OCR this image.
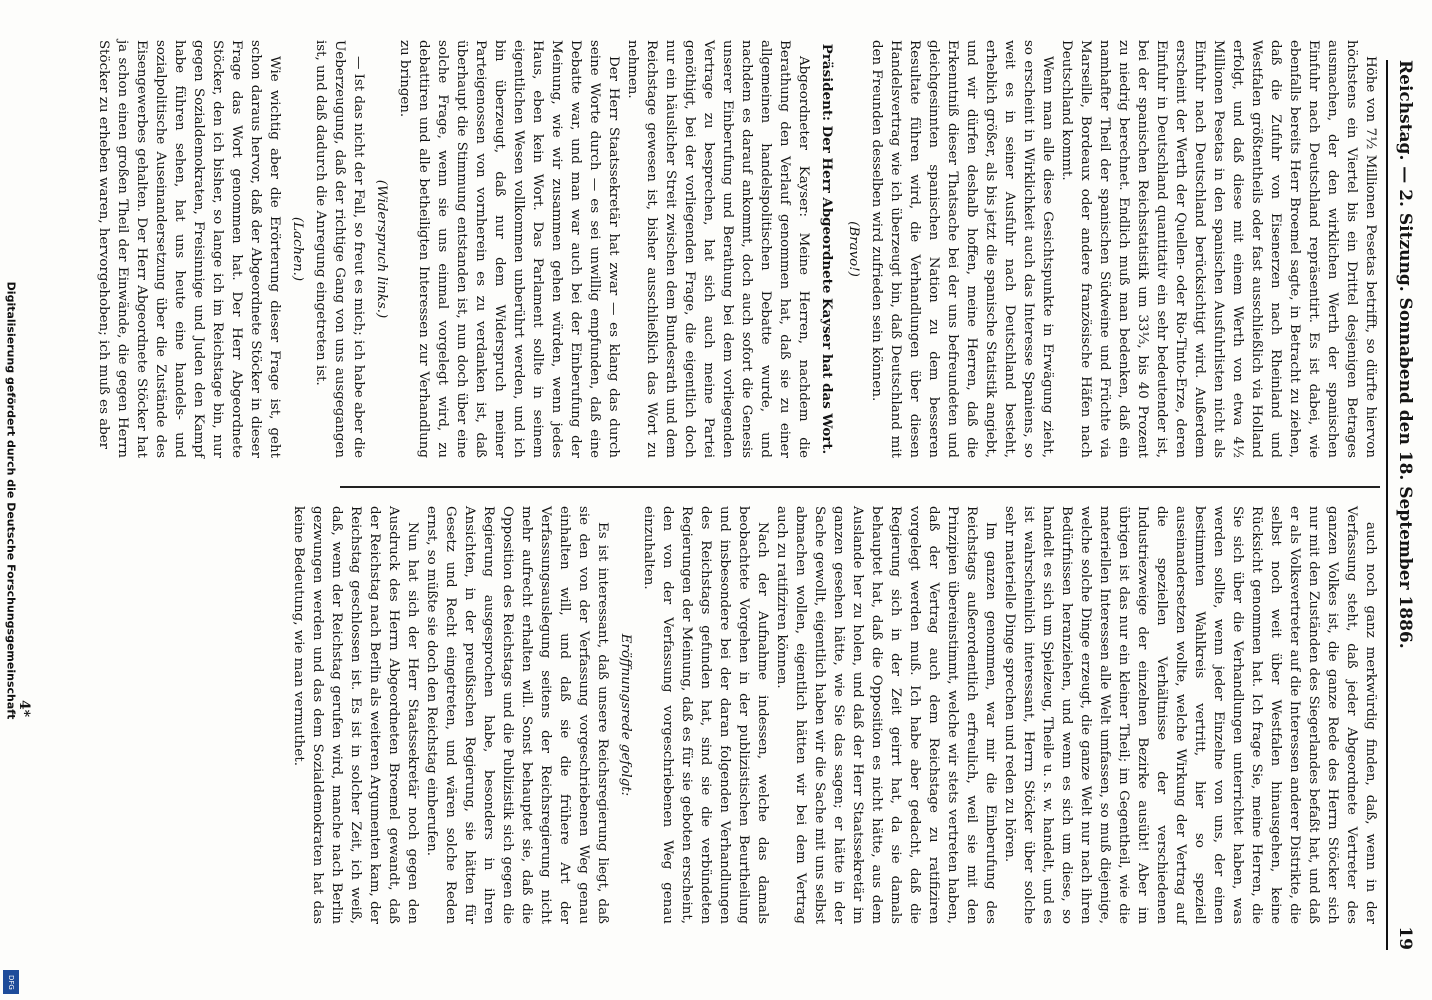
Digitalisierung gefördert durch die Deutsche Forschungsgemeinschaft
DFG
Reichstag. — 2. Sitzung. Sonnabend den 18. September 1886.
19

Höhe von 7½ Millionen Pesetas betrifft, so dürfte hiervon höchstens ein Viertel bis ein Drittel desjenigen Betrages ausmachen, der den wirklichen Werth der spanischen Einfuhr nach Deutschland repräsentirt. Es ist dabei, wie ebenfalls bereits Herr Broemel sagte, in Betracht zu ziehen, daß die Zufuhr von Eisenerzen nach Rheinland und Westfalen größtentheils oder fast ausschließlich via Holland erfolgt, und daß diese mit einem Werth von etwa 4½ Millionen Pesetas in den spanischen Ausfuhrlisten nicht als Einfuhr nach Deutschland berücksichtigt wird. Außerdem erscheint der Werth der Quellen- oder Rio-Tinto-Erze, deren Einfuhr in Deutschland quantitativ ein sehr bedeutender ist, bei der spanischen Reichsstatistik um 33⅓, bis 40 Prozent zu niedrig berechnet. Endlich muß man bedenken, daß ein namhafter Theil der spanischen Südweine und Früchte via Marseille, Bordeaux oder andere französische Häfen nach Deutschland kommt.

Wenn man alle diese Gesichtspunkte in Erwägung zieht, so erscheint in Wirklichkeit auch das Interesse Spaniens, so weit es in seiner Ausfuhr nach Deutschland besteht, erheblich größer, als bis jetzt die spanische Statistik angiebt, und wir dürfen deshalb hoffen, meine Herren, daß die Erkenntniß dieser Thatsache bei der uns befreundeten und gleichgesinnten spanischen Nation zu dem besseren Resultate führen wird, die Verhandlungen über diesen Handelsvertrag wie ich überzeugt bin, daß Deutschland mit den Freunden desselben wird zufrieden sein können.

(Bravo!)

Präsident: Der Herr Abgeordnete Kayser hat das Wort.

Abgeordneter Kayser: Meine Herren, nachdem die Berathung den Verlauf genommen hat, daß sie zu einer allgemeinen handelspolitischen Debatte wurde, und nachdem es darauf ankommt, doch auch sofort die Genesis unserer Einberufung und Berathung bei dem vorliegenden Vertrage zu besprechen, hat sich auch meine Partei genöthigt, bei der vorliegenden Frage, die eigentlich doch nur ein häuslicher Streit zwischen dem Bundesrath und dem Reichstage gewesen ist, bisher ausschließlich das Wort zu nehmen.

Der Herr Staatssekretär hat zwar — es klang das durch seine Worte durch — es sei unwillig empfunden, daß eine Debatte war, und man war auch bei der Einberufung der Meinung, wie wir zusammen gehen würden, wenn jedes Haus, eben kein Wort. Das Parlament sollte in seinem eigentlichen Wesen vollkommen unberührt werden, und ich bin überzeugt, daß nur dem Widerspruch meiner Parteigenossen von vornherein es zu verdanken ist, daß überhaupt die Stimmung entstanden ist, nun doch über eine solche Frage, wenn sie uns einmal vorgelegt wird, zu debattiren und alle betheiligten Interessen zur Verhandlung zu bringen.

(Widerspruch links.)

— Ist das nicht der Fall, so freut es mich; ich habe aber die Ueberzeugung, daß der richtige Gang von uns ausgegangen ist, und daß dadurch die Anregung eingetreten ist.

(Lachen.)

Wie wichtig aber die Erörterung dieser Frage ist, geht schon daraus hervor, daß der Abgeordnete Stöcker in dieser Frage das Wort genommen hat. Der Herr Abgeordnete Stöcker, den ich bisher, so lange ich im Reichstage bin, nur gegen Sozialdemokraten, Freisinnige und Juden den Kampf habe führen sehen, hat uns heute eine handels- und sozialpolitische Auseinandersetzung über die Zustände des Eisengewerbes gehalten. Der Herr Abgeordnete Stöcker hat ja schon einen großen Theil der Einwände, die gegen Herrn Stöcker zu erheben waren, hervorgehoben; ich muß es aber

auch noch ganz merkwürdig finden, daß, wenn in der Verfassung steht, daß jeder Abgeordnete Vertreter des ganzen Volkes ist, die ganze Rede des Herrn Stöcker sich nur mit den Zuständen des Siegerlandes befaßt hat, und daß er als Volksvertreter auf die Interessen anderer Distrikte, die selbst noch weit über Westfalen hinausgehen, keine Rücksicht genommen hat. Ich frage Sie, meine Herren, die Sie sich über die Verhandlungen unterrichtet haben, was werden sollte, wenn jeder Einzelne von uns, der einen bestimmten Wahlkreis vertritt, hier so speziell auseinandersetzen wollte, welche Wirkung der Vertrag auf die speziellen Verhältnisse der verschiedenen Industriezweige der einzelnen Bezirke ausübt! Aber im übrigen ist das nur ein kleiner Theil; im Gegentheil, wie die materiellen Interessen alle Welt umfassen, so muß diejenige, welche solche Dinge erzeugt, die ganze Welt nur nach ihren Bedürfnissen heranziehen, und wenn es sich um diese, so handelt es sich um Spielzeug, Theile u. s. w. handelt, und es ist wahrscheinlich interessant, Herrn Stöcker über solche sehr materielle Dinge sprechen und reden zu hören.

Im ganzen genommen, war mir die Einberufung des Reichstags außerordentlich erfreulich, weil sie mit den Prinzipien übereinstimmt, welche wir stets vertreten haben, daß der Vertrag auch dem Reichstage zu ratifiziren vorgelegt werden muß. Ich habe aber gedacht, daß die Regierung sich in der Zeit geirrt hat, da sie damals behauptet hat, daß die Opposition es nicht hätte, aus dem Auslande her zu holen, und daß der Herr Staatssekretär im ganzen gesehen hätte, wie Sie das sagen; er hätte in der Sache gewollt, eigentlich haben wir die Sache mit uns selbst abmachen wollen, eigentlich hätten wir bei dem Vertrag auch zu ratifiziren können.

Nach der Aufnahme indessen, welche das damals beobachtete Vorgehen in der publizistischen Beurtheilung und insbesondere bei der daran folgenden Verhandlungen des Reichstags gefunden hat, sind sie die verbündeten Regierungen der Meinung, daß es für sie geboten erscheint, den von der Verfassung vorgeschriebenen Weg genau einzuhalten.

Eröffnungsrede gefolgt:

Es ist interessant, daß unsere Reichsregierung liegt, daß sie den von der Verfassung vorgeschriebenen Weg genau einhalten will, und daß sie die frühere Art der Verfassungsauslegung seitens der Reichsregierung nicht mehr aufrecht erhalten will. Sonst behauptet sie, daß die Opposition des Reichstags und die Publizistik sich gegen die Regierung ausgesprochen habe, besonders in ihren Ansichten, in der preußischen Regierung, sie hätten für Gesetz und Recht eingetreten, und wären solche Reden ernst, so müßte sie doch den Reichstag einberufen.

Nun hat sich der Herr Staatssekretär noch gegen den Ausdruck des Herrn Abgeordneten Broemel gewandt, daß der Reichstag nach Berlin als weiteren Argumenten kam, der Reichstag geschlossen ist. Es ist in solcher Zeit, ich weiß, daß, wenn der Reichstag gerufen wird, manche nach Berlin gezwungen werden und das dem Sozialdemokraten hat das keine Bedeutung, wie man vermuthet.

4*
